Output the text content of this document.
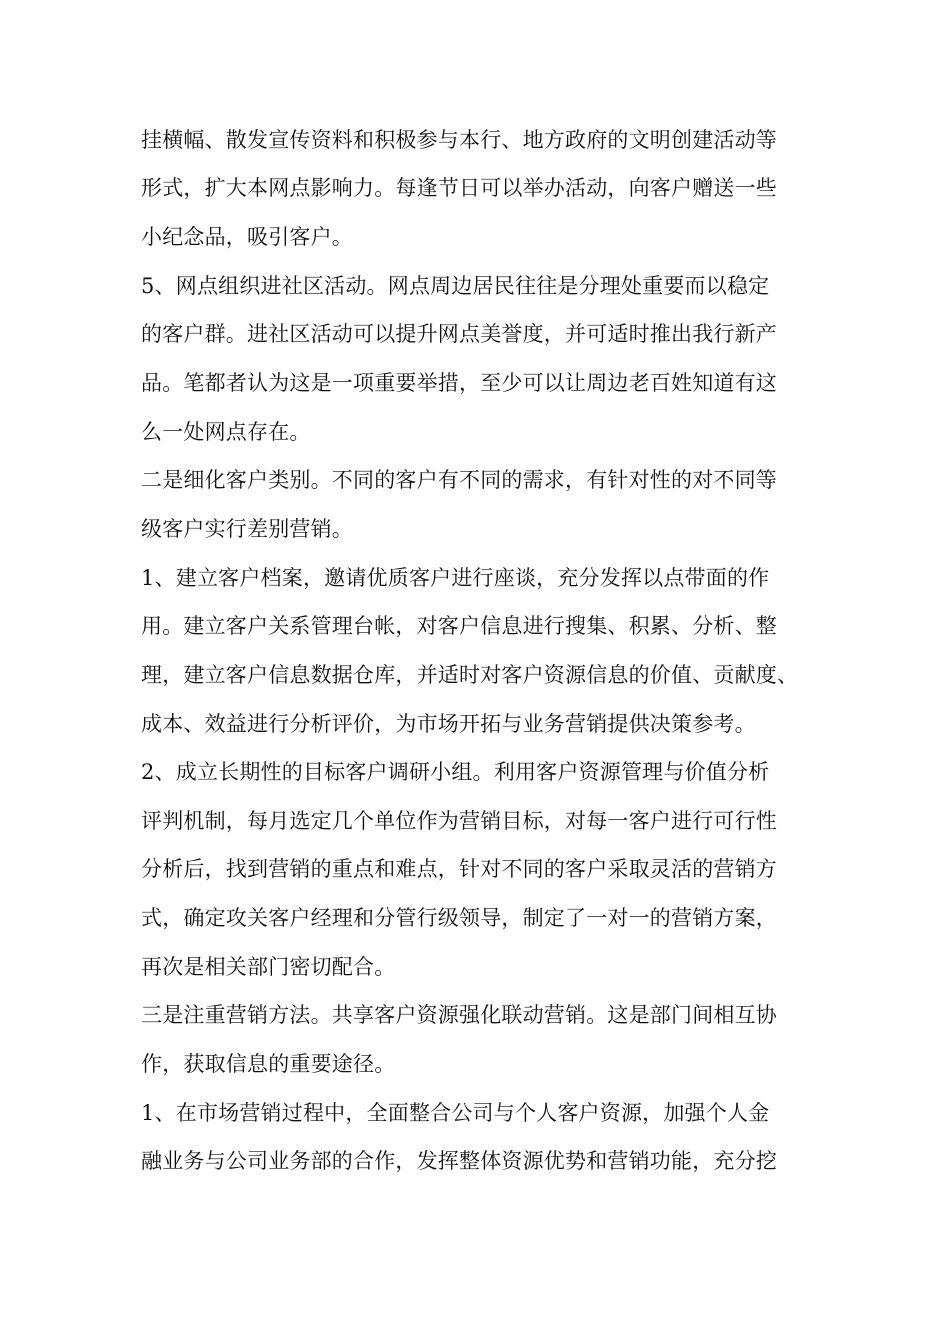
挂横幅、散发宣传资料和积极参与本行、地方政府的文明创建活动等
形式，扩大本网点影响力。每逢节日可以举办活动，向客户赠送一些
小纪念品，吸引客户。
5、网点组织进社区活动。网点周边居民往往是分理处重要而以稳定
的客户群。进社区活动可以提升网点美誉度，并可适时推出我行新产
品。笔都者认为这是一项重要举措，至少可以让周边老百姓知道有这
么一处网点存在。
二是细化客户类别。不同的客户有不同的需求，有针对性的对不同等
级客户实行差别营销。
1、建立客户档案，邀请优质客户进行座谈，充分发挥以点带面的作
用。建立客户关系管理台帐，对客户信息进行搜集、积累、分析、整
理，建立客户信息数据仓库，并适时对客户资源信息的价值、贡献度、
成本、效益进行分析评价，为市场开拓与业务营销提供决策参考。
2、成立长期性的目标客户调研小组。利用客户资源管理与价值分析
评判机制，每月选定几个单位作为营销目标，对每一客户进行可行性
分析后，找到营销的重点和难点，针对不同的客户采取灵活的营销方
式，确定攻关客户经理和分管行级领导，制定了一对一的营销方案，
再次是相关部门密切配合。
三是注重营销方法。共享客户资源强化联动营销。这是部门间相互协
作，获取信息的重要途径。
1、在市场营销过程中，全面整合公司与个人客户资源，加强个人金
融业务与公司业务部的合作，发挥整体资源优势和营销功能，充分挖
